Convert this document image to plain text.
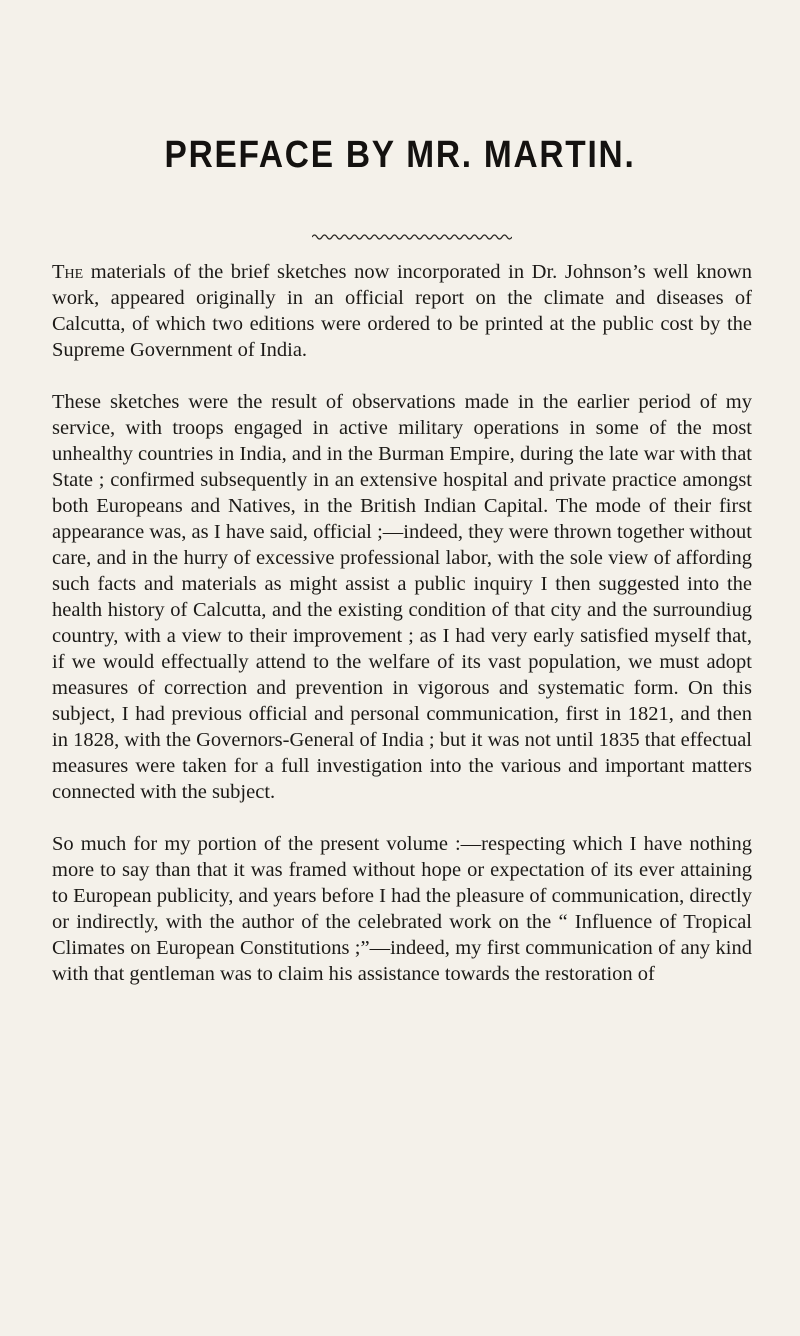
PREFACE BY MR. MARTIN.

The materials of the brief sketches now incorporated in Dr. Johnson’s well known work, appeared originally in an official report on the climate and diseases of Calcutta, of which two editions were ordered to be printed at the public cost by the Supreme Government of India.

These sketches were the result of observations made in the earlier period of my service, with troops engaged in active military operations in some of the most unhealthy countries in India, and in the Burman Empire, during the late war with that State ; confirmed subsequently in an extensive hospital and private practice amongst both Europeans and Natives, in the British Indian Capital. The mode of their first appearance was, as I have said, official ;—indeed, they were thrown together without care, and in the hurry of excessive professional labor, with the sole view of affording such facts and materials as might assist a public inquiry I then suggested into the health history of Calcutta, and the existing condition of that city and the surroundiug country, with a view to their improvement ; as I had very early satisfied myself that, if we would effectually attend to the welfare of its vast population, we must adopt measures of correction and prevention in vigorous and systematic form. On this subject, I had previous official and personal communication, first in 1821, and then in 1828, with the Governors-General of India ; but it was not until 1835 that effectual measures were taken for a full investigation into the various and important matters connected with the subject.

So much for my portion of the present volume :—respecting which I have nothing more to say than that it was framed without hope or expectation of its ever attaining to European publicity, and years before I had the pleasure of communication, directly or indirectly, with the author of the celebrated work on the “ Influence of Tropical Climates on European Constitutions ;”—indeed, my first communication of any kind with that gentleman was to claim his assistance towards the restoration of
